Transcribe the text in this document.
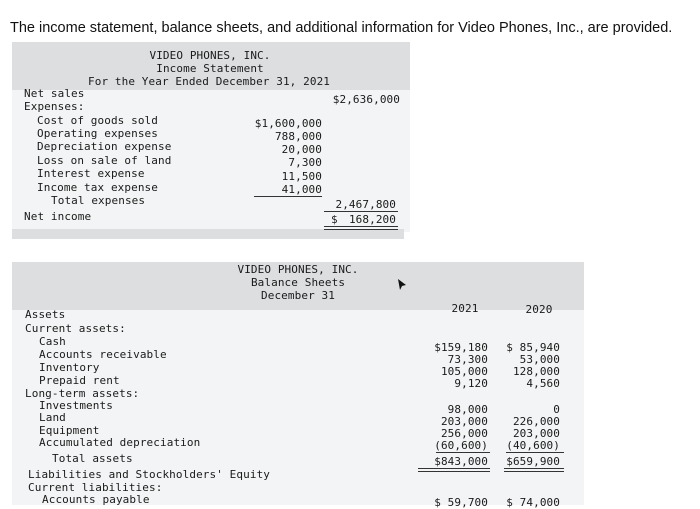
The income statement, balance sheets, and additional information for Video Phones, Inc., are provided.
VIDEO PHONES, INC.
Income Statement
For the Year Ended December 31, 2021
Net sales	$2,636,000
Expenses:
Cost of goods sold	$1,600,000
Operating expenses	788,000
Depreciation expense	20,000
Loss on sale of land	7,300
Interest expense	11,500
Income tax expense	41,000
Total expenses	2,467,800
Net income	$	168,200
VIDEO PHONES, INC.
Balance Sheets
December 31
2021	2020
Assets
Current assets:
Cash	$159,180	$ 85,940
Accounts receivable	73,300	53,000
Inventory	105,000	128,000
Prepaid rent	9,120	4,560
Long-term assets:
Investments	98,000	0
Land	203,000	226,000
Equipment	256,000	203,000
Accumulated depreciation	(60,600)	(40,600)
Total assets	$843,000	$659,900
Liabilities and Stockholders' Equity
Current liabilities:
Accounts payable	$ 59,700	$ 74,000
